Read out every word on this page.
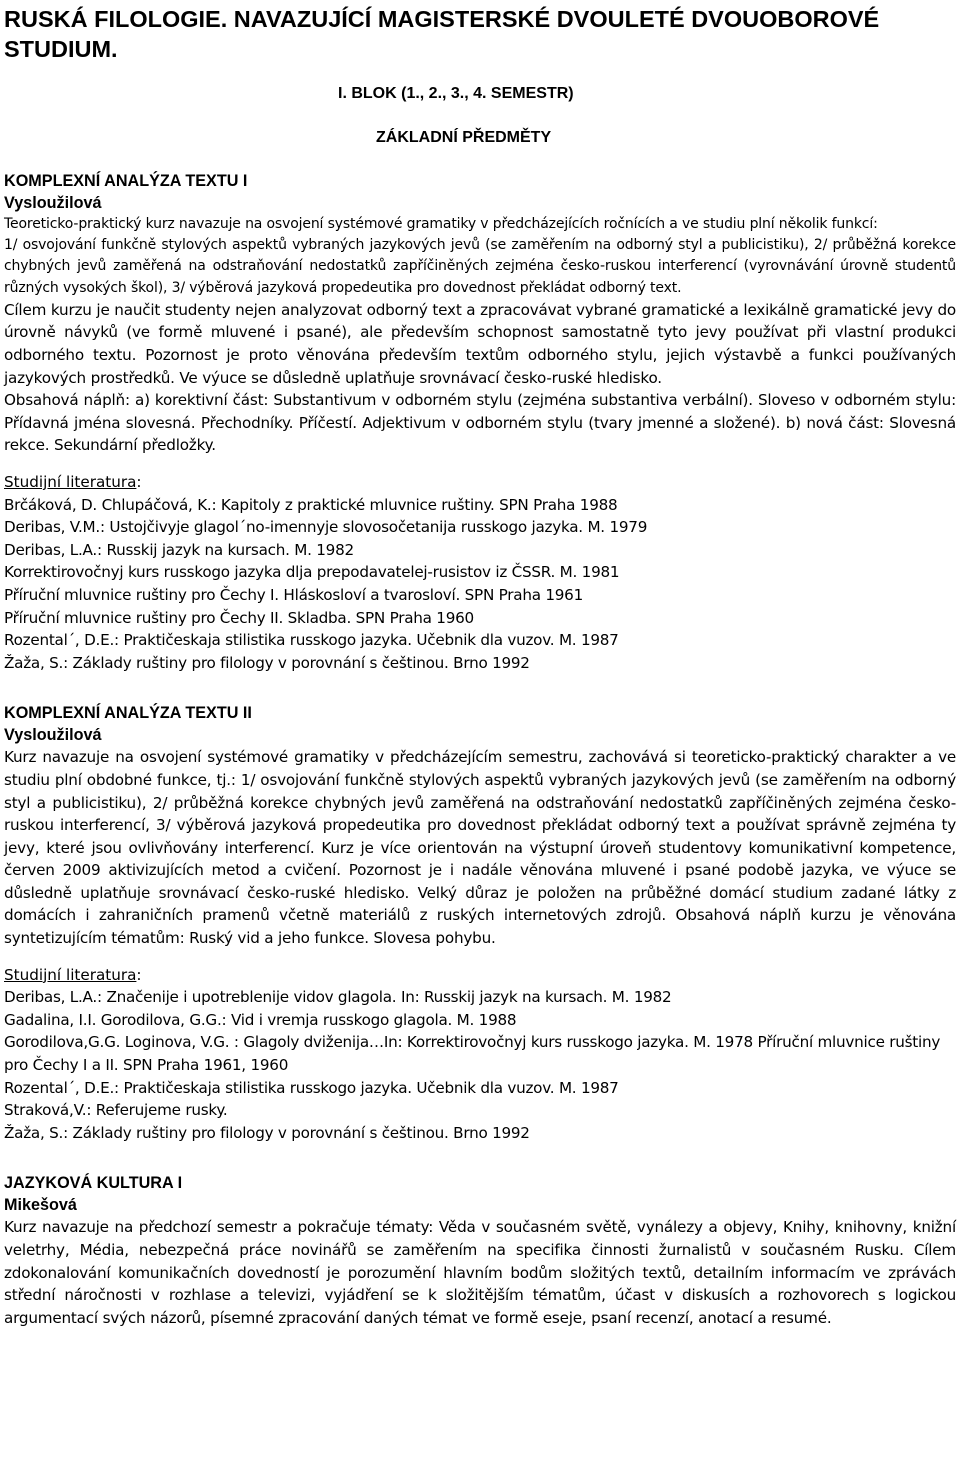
RUSKÁ FILOLOGIE. NAVAZUJÍCÍ MAGISTERSKÉ DVOULETÉ DVOUOBOROVÉ STUDIUM.
I. BLOK (1., 2., 3., 4. SEMESTR)
ZÁKLADNÍ PŘEDMĚTY
KOMPLEXNÍ ANALÝZA TEXTU I
Vysloužilová

Teoreticko-praktický kurz navazuje na osvojení systémové gramatiky v předcházejících ročnících a ve studiu plní několik funkcí:

1/ osvojování funkčně stylových aspektů vybraných jazykových jevů (se zaměřením na odborný styl a publicistiku), 2/ průběžná korekce chybných jevů zaměřená na odstraňování nedostatků zapříčiněných zejména česko-ruskou interferencí (vyrovnávání úrovně studentů různých vysokých škol), 3/ výběrová jazyková propedeutika pro dovednost překládat odborný text.

Cílem kurzu je naučit studenty nejen analyzovat odborný text a zpracovávat vybrané gramatické a lexikálně gramatické jevy do úrovně návyků (ve formě mluvené i psané), ale především schopnost samostatně tyto jevy používat při vlastní produkci odborného textu. Pozornost je proto věnována především textům odborného stylu, jejich výstavbě a funkci používaných jazykových prostředků. Ve výuce se důsledně uplatňuje srovnávací česko-ruské hledisko.

Obsahová náplň: a) korektivní část: Substantivum v odborném stylu (zejména substantiva verbální). Sloveso v odborném stylu: Přídavná jména slovesná. Přechodníky. Příčestí. Adjektivum v odborném stylu (tvary jmenné a složené). b) nová část: Slovesná rekce. Sekundární předložky.

Studijní literatura:
Brčáková, D. Chlupáčová, K.: Kapitoly z praktické mluvnice ruštiny. SPN Praha 1988
Deribas, V.M.: Ustojčivyje glagol´no-imennyje slovosočetanija russkogo jazyka. M. 1979
Deribas, L.A.: Russkij jazyk na kursach. M. 1982
Korrektirovočnyj kurs russkogo jazyka dlja prepodavatelej-rusistov iz ČSSR. M. 1981
Příruční mluvnice ruštiny pro Čechy I. Hláskosloví a tvarosloví. SPN Praha 1961
Příruční mluvnice ruštiny pro Čechy II. Skladba. SPN Praha 1960
Rozental´, D.E.: Praktičeskaja stilistika russkogo jazyka. Učebnik dla vuzov. M. 1987
Žaža, S.: Základy ruštiny pro filology v porovnání s češtinou. Brno 1992
KOMPLEXNÍ ANALÝZA TEXTU II
Vysloužilová

Kurz navazuje na osvojení systémové gramatiky v předcházejícím semestru, zachovává si teoreticko-praktický charakter a ve studiu plní obdobné funkce, tj.: 1/ osvojování funkčně stylových aspektů vybraných jazykových jevů (se zaměřením na odborný styl a publicistiku), 2/ průběžná korekce chybných jevů zaměřená na odstraňování nedostatků zapříčiněných zejména česko-ruskou interferencí, 3/ výběrová jazyková propedeutika pro dovednost překládat odborný text a používat správně zejména ty jevy, které jsou ovlivňovány interferencí. Kurz je více orientován na výstupní úroveň studentovy komunikativní kompetence, červen 2009 aktivizujících metod a cvičení. Pozornost je i nadále věnována mluvené i psané podobě jazyka, ve výuce se důsledně uplatňuje srovnávací česko-ruské hledisko. Velký důraz je položen na průběžné domácí studium zadané látky z domácích i zahraničních pramenů včetně materiálů z ruských internetových zdrojů. Obsahová náplň kurzu je věnována syntetizujícím tématům: Ruský vid a jeho funkce. Slovesa pohybu.

Studijní literatura:
Deribas, L.A.: Značenije i upotreblenije vidov glagola. In: Russkij jazyk na kursach. M. 1982
Gadalina, I.I. Gorodilova, G.G.: Vid i vremja russkogo glagola. M. 1988
Gorodilova,G.G. Loginova, V.G. : Glagoly dviženija…In: Korrektirovočnyj kurs russkogo jazyka. M. 1978 Příruční mluvnice ruštiny pro Čechy I a II. SPN Praha 1961, 1960
Rozental´, D.E.: Praktičeskaja stilistika russkogo jazyka. Učebnik dla vuzov. M. 1987
Straková,V.: Referujeme rusky.
Žaža, S.: Základy ruštiny pro filology v porovnání s češtinou. Brno 1992
JAZYKOVÁ KULTURA I
Mikešová

Kurz navazuje na předchozí semestr a pokračuje tématy: Věda v současném světě, vynálezy a objevy, Knihy, knihovny, knižní veletrhy, Média, nebezpečná práce novinářů se zaměřením na specifika činnosti žurnalistů v současném Rusku. Cílem zdokonalování komunikačních dovedností je porozumění hlavním bodům složitých textů, detailním informacím ve zprávách střední náročnosti v rozhlase a televizi, vyjádření se k složitějším tématům, účast v diskusích a rozhovorech s logickou argumentací svých názorů, písemné zpracování daných témat ve formě eseje, psaní recenzí, anotací a resumé.
